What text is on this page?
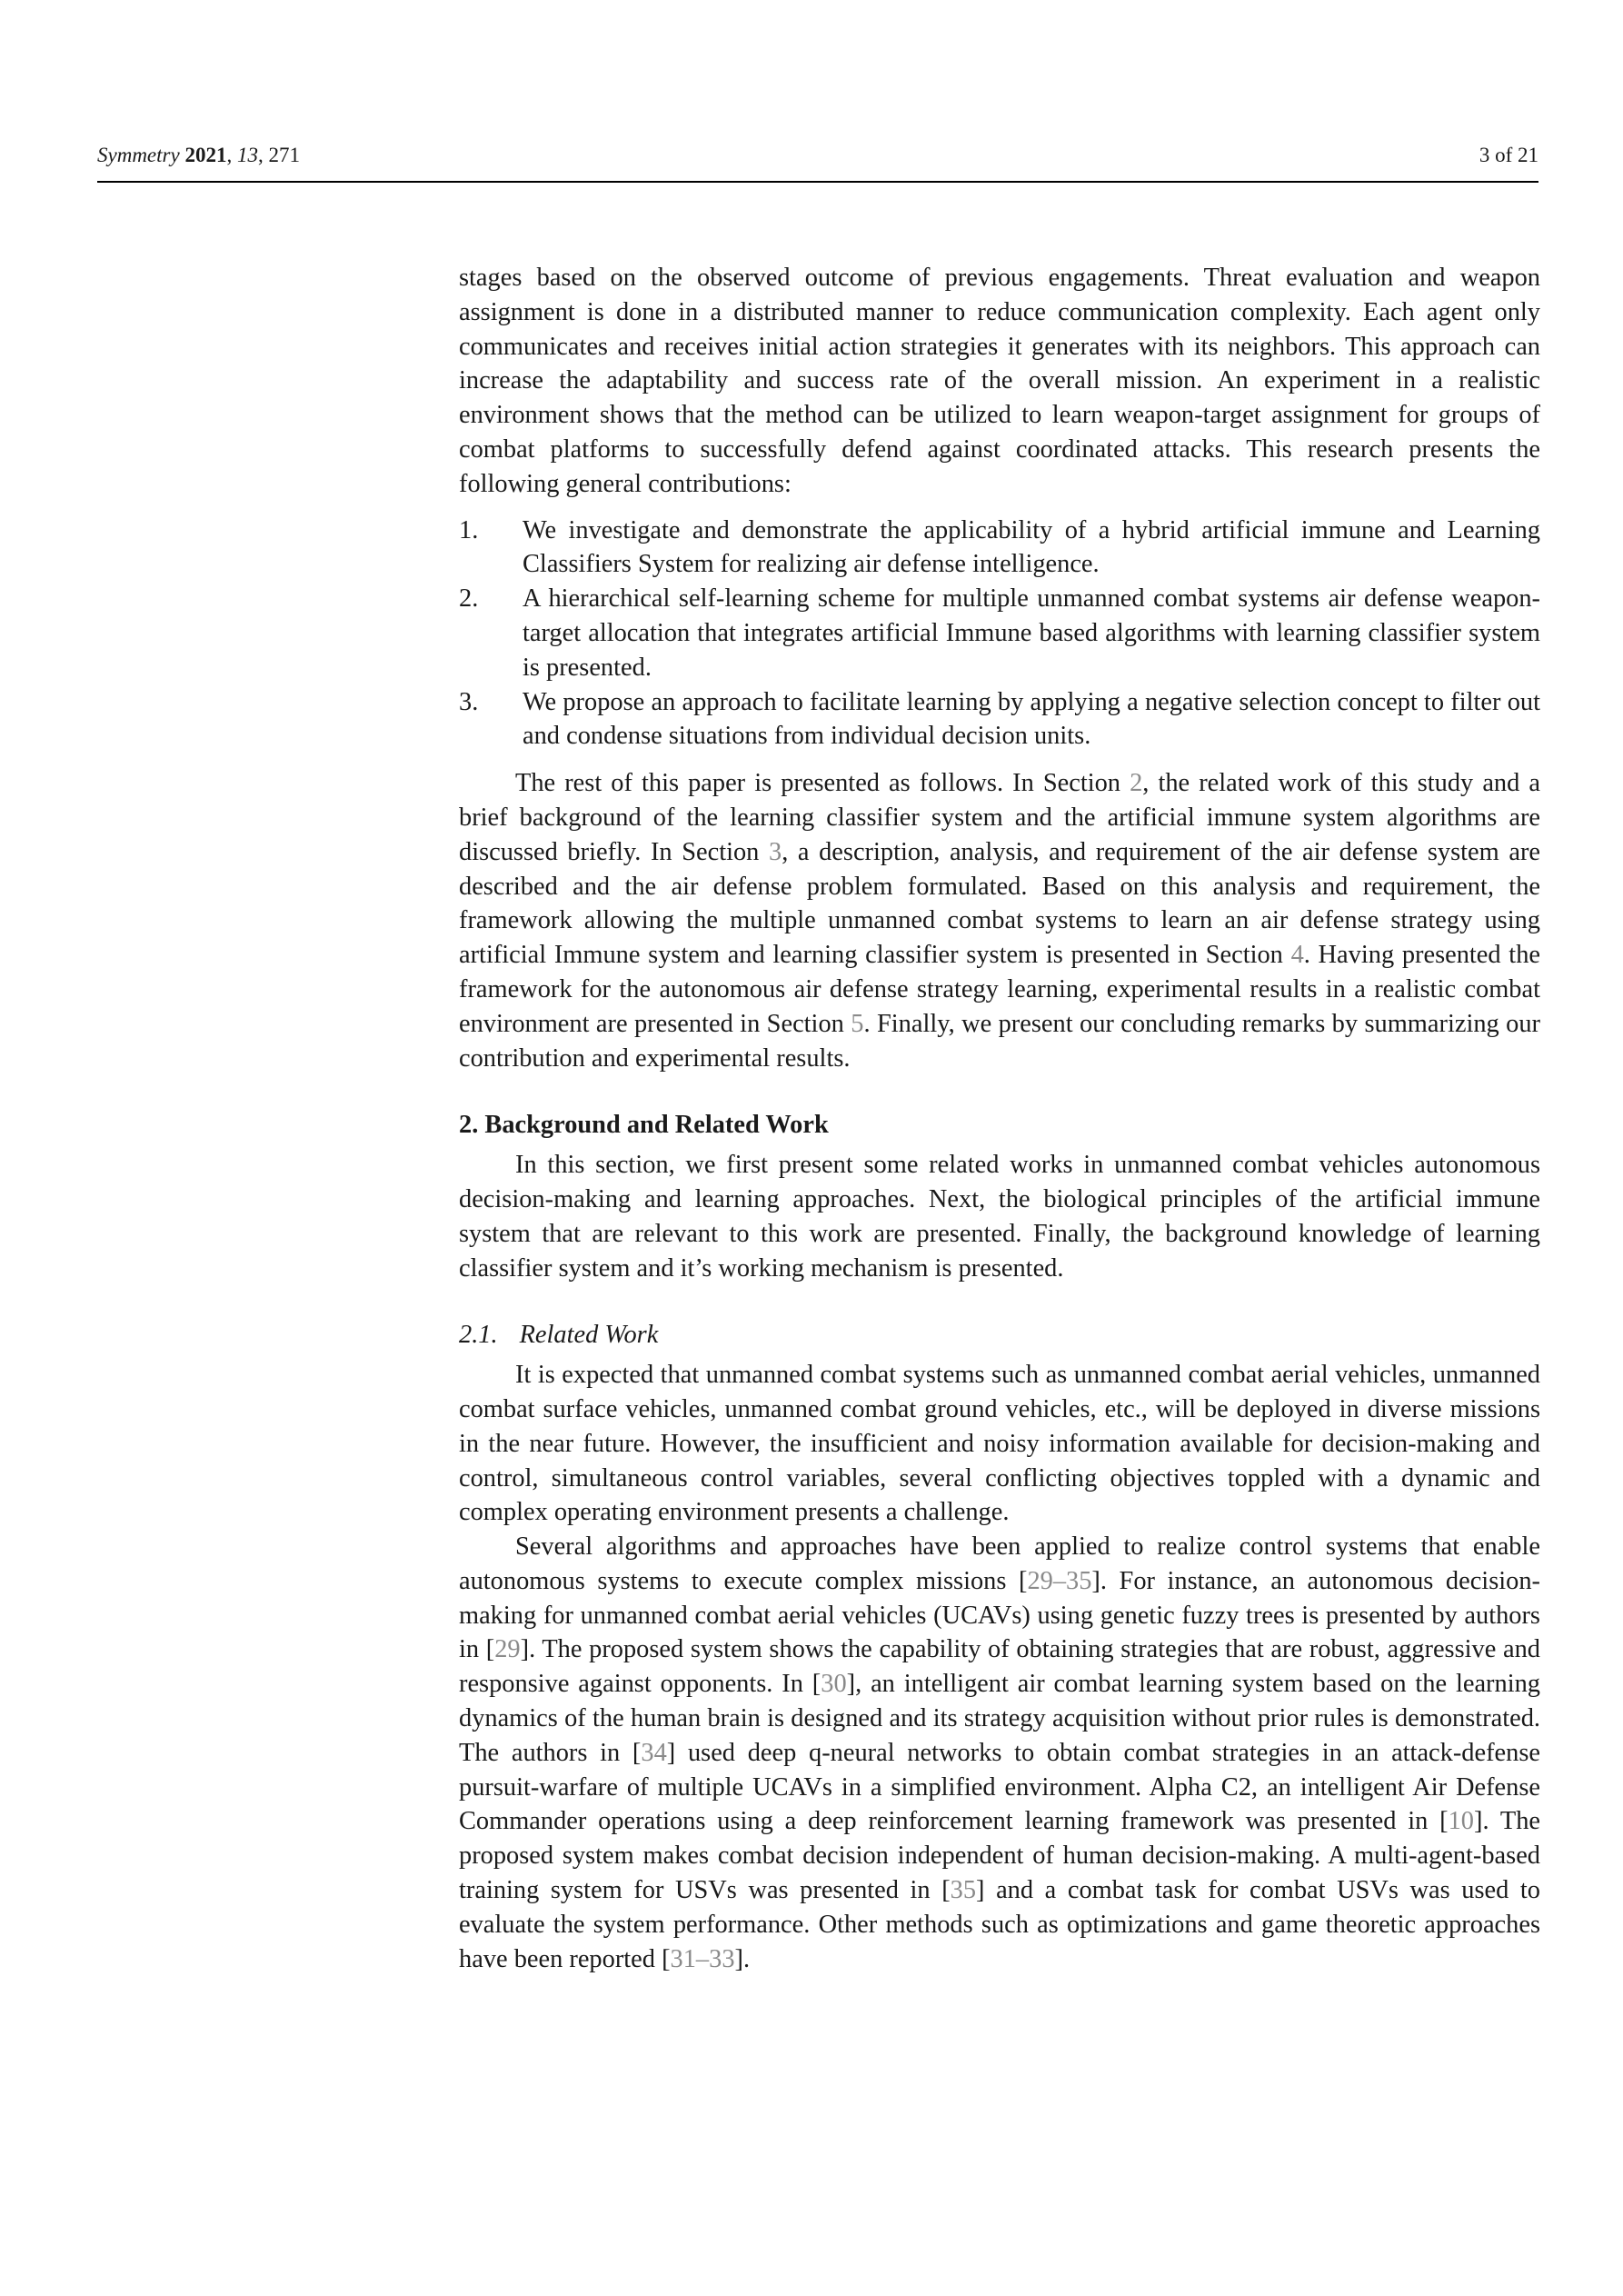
Symmetry 2021, 13, 271	3 of 21

stages based on the observed outcome of previous engagements. Threat evaluation and weapon assignment is done in a distributed manner to reduce communication complexity. Each agent only communicates and receives initial action strategies it generates with its neighbors. This approach can increase the adaptability and success rate of the overall mission. An experiment in a realistic environment shows that the method can be utilized to learn weapon-target assignment for groups of combat platforms to successfully defend against coordinated attacks. This research presents the following general contributions:

1. We investigate and demonstrate the applicability of a hybrid artificial immune and Learning Classifiers System for realizing air defense intelligence.
2. A hierarchical self-learning scheme for multiple unmanned combat systems air defense weapon-target allocation that integrates artificial Immune based algorithms with learning classifier system is presented.
3. We propose an approach to facilitate learning by applying a negative selection concept to filter out and condense situations from individual decision units.

The rest of this paper is presented as follows. In Section 2, the related work of this study and a brief background of the learning classifier system and the artificial immune system algorithms are discussed briefly. In Section 3, a description, analysis, and requirement of the air defense system are described and the air defense problem formulated. Based on this analysis and requirement, the framework allowing the multiple unmanned combat systems to learn an air defense strategy using artificial Immune system and learning classifier system is presented in Section 4. Having presented the framework for the autonomous air defense strategy learning, experimental results in a realistic combat environment are presented in Section 5. Finally, we present our concluding remarks by summarizing our contribution and experimental results.

2. Background and Related Work

In this section, we first present some related works in unmanned combat vehicles autonomous decision-making and learning approaches. Next, the biological principles of the artificial immune system that are relevant to this work are presented. Finally, the background knowledge of learning classifier system and it’s working mechanism is presented.

2.1. Related Work

It is expected that unmanned combat systems such as unmanned combat aerial vehicles, unmanned combat surface vehicles, unmanned combat ground vehicles, etc., will be deployed in diverse missions in the near future. However, the insufficient and noisy information available for decision-making and control, simultaneous control variables, several conflicting objectives toppled with a dynamic and complex operating environment presents a challenge.

Several algorithms and approaches have been applied to realize control systems that enable autonomous systems to execute complex missions [29–35]. For instance, an autonomous decision-making for unmanned combat aerial vehicles (UCAVs) using genetic fuzzy trees is presented by authors in [29]. The proposed system shows the capability of obtaining strategies that are robust, aggressive and responsive against opponents. In [30], an intelligent air combat learning system based on the learning dynamics of the human brain is designed and its strategy acquisition without prior rules is demonstrated. The authors in [34] used deep q-neural networks to obtain combat strategies in an attack-defense pursuit-warfare of multiple UCAVs in a simplified environment. Alpha C2, an intelligent Air Defense Commander operations using a deep reinforcement learning framework was presented in [10]. The proposed system makes combat decision independent of human decision-making. A multi-agent-based training system for USVs was presented in [35] and a combat task for combat USVs was used to evaluate the system performance. Other methods such as optimizations and game theoretic approaches have been reported [31–33].
